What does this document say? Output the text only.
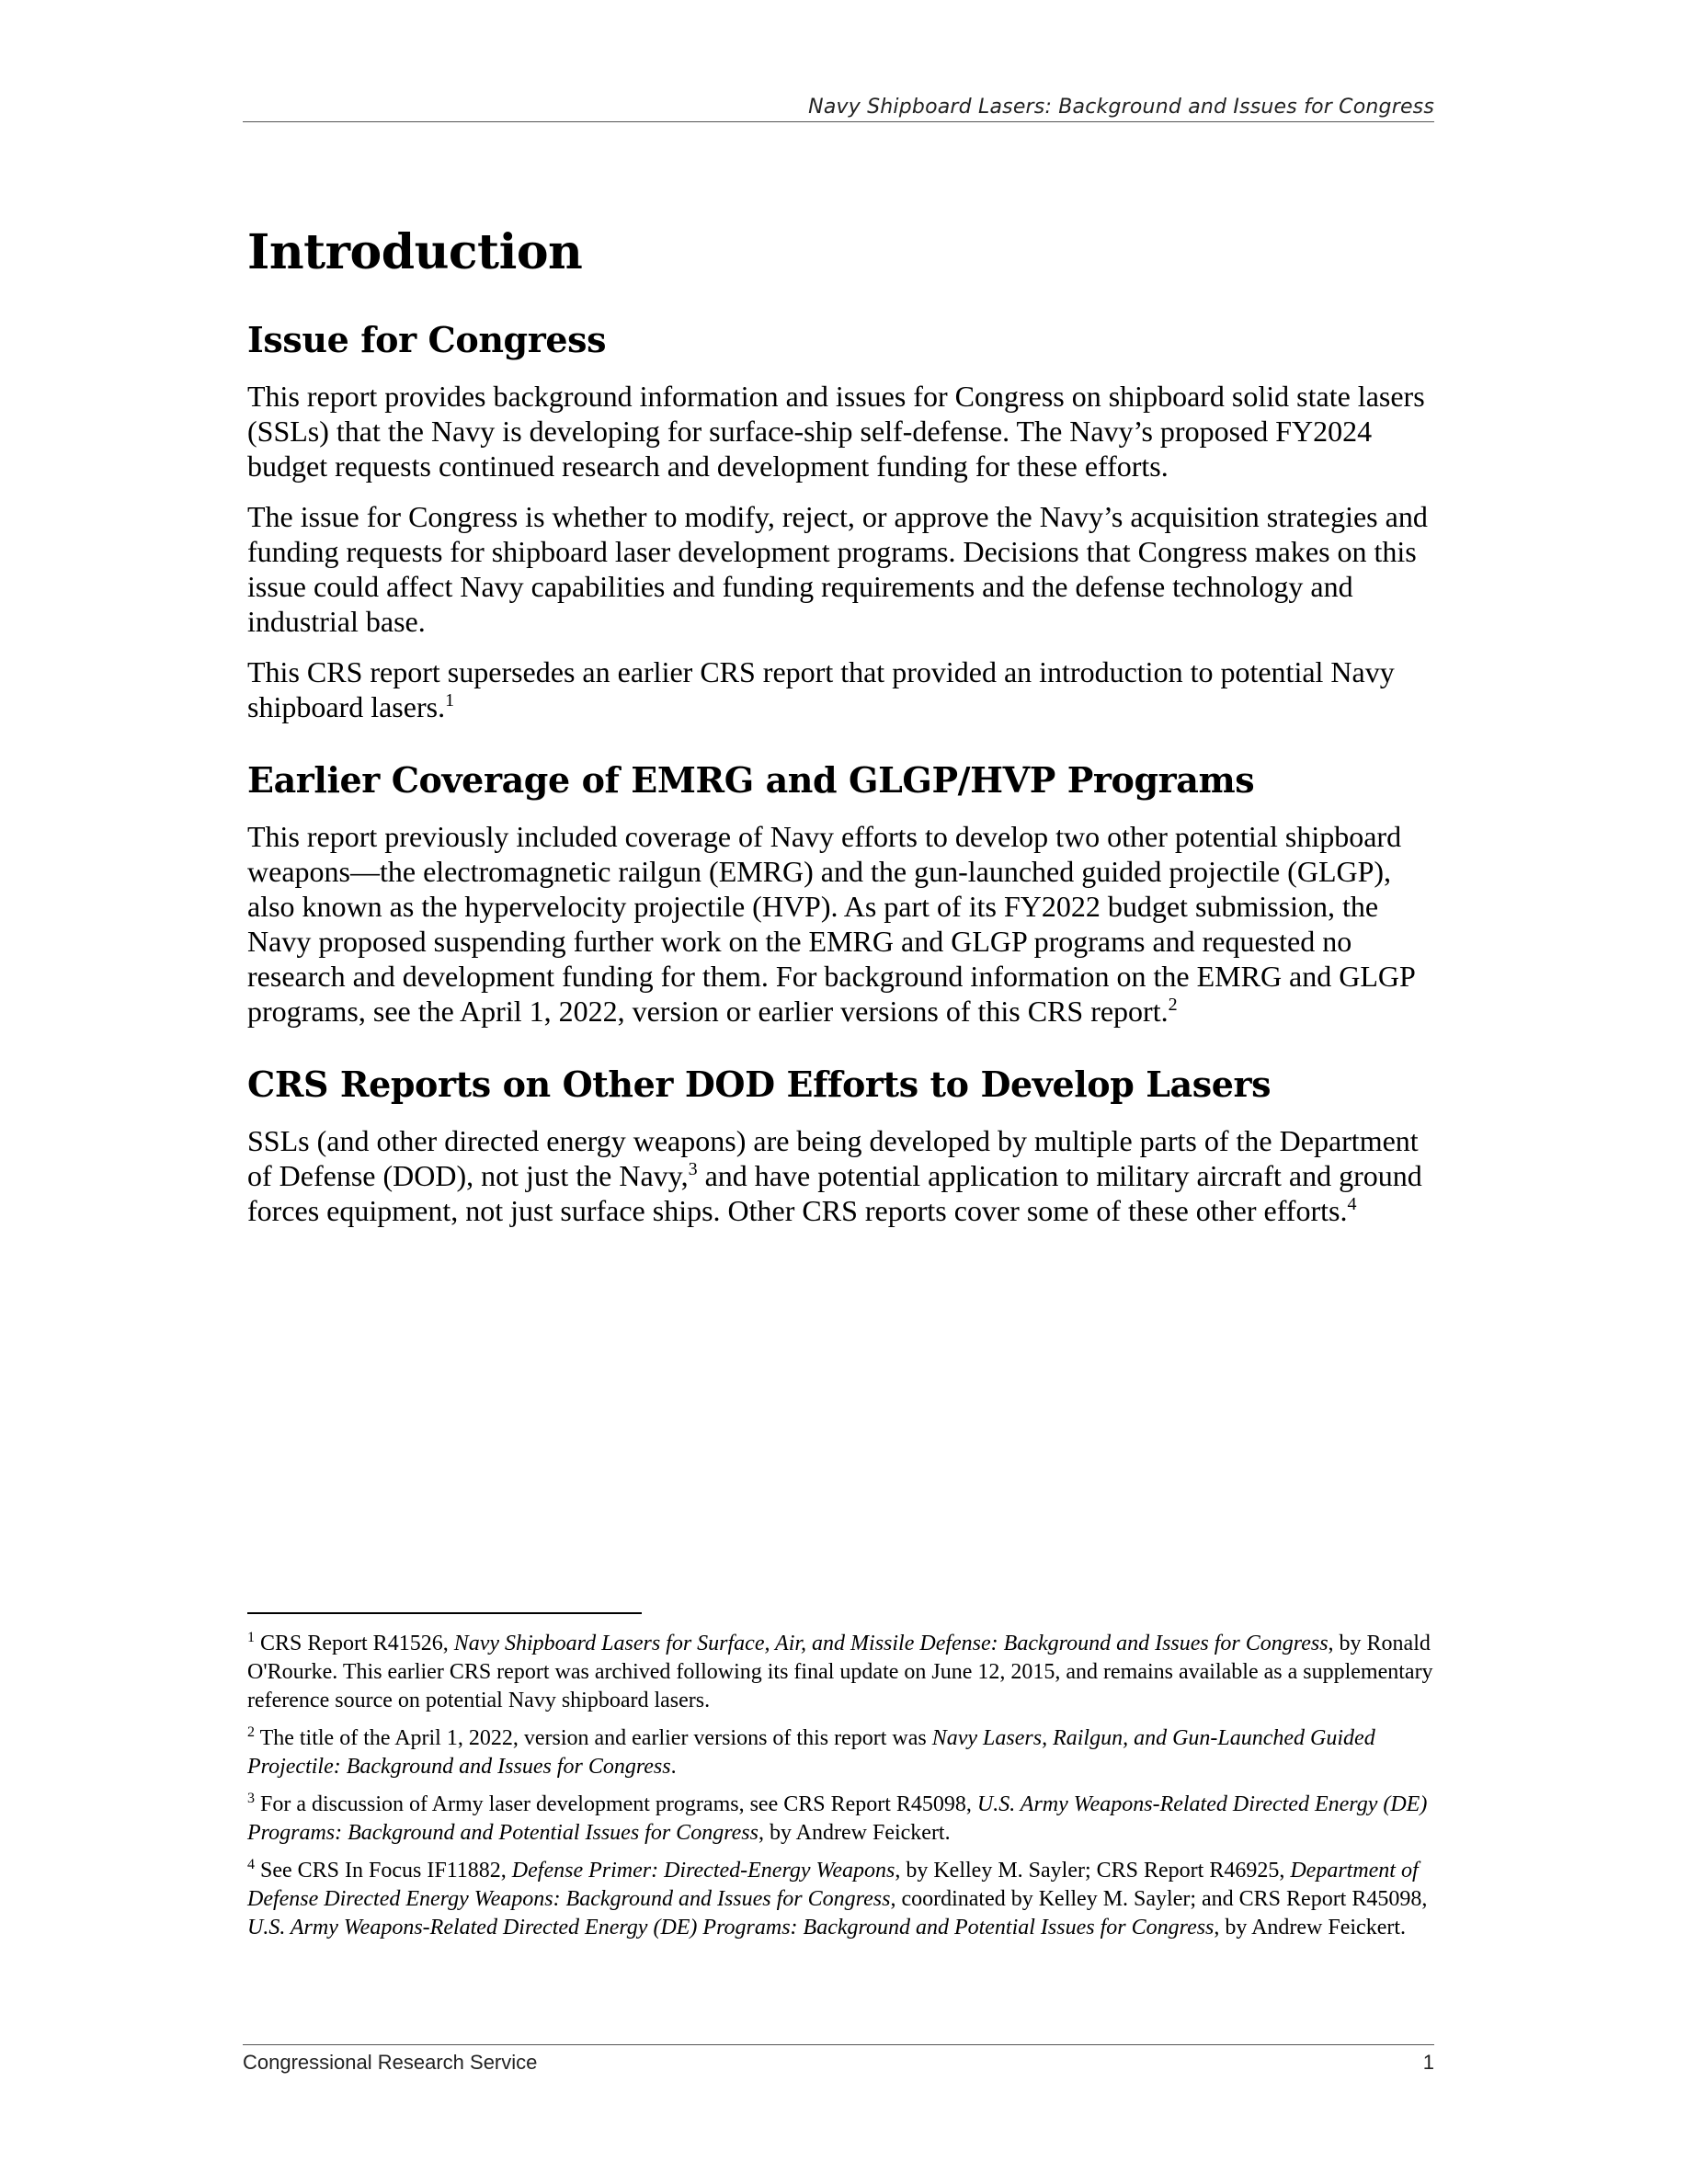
Navy Shipboard Lasers: Background and Issues for Congress
Introduction
Issue for Congress

This report provides background information and issues for Congress on shipboard solid state lasers (SSLs) that the Navy is developing for surface-ship self-defense. The Navy’s proposed FY2024 budget requests continued research and development funding for these efforts.

The issue for Congress is whether to modify, reject, or approve the Navy’s acquisition strategies and funding requests for shipboard laser development programs. Decisions that Congress makes on this issue could affect Navy capabilities and funding requirements and the defense technology and industrial base.

This CRS report supersedes an earlier CRS report that provided an introduction to potential Navy shipboard lasers.$^1$

Earlier Coverage of EMRG and GLGP/HVP Programs

This report previously included coverage of Navy efforts to develop two other potential shipboard weapons—the electromagnetic railgun (EMRG) and the gun-launched guided projectile (GLGP), also known as the hypervelocity projectile (HVP). As part of its FY2022 budget submission, the Navy proposed suspending further work on the EMRG and GLGP programs and requested no research and development funding for them. For background information on the EMRG and GLGP programs, see the April 1, 2022, version or earlier versions of this CRS report.$^2$

CRS Reports on Other DOD Efforts to Develop Lasers

SSLs (and other directed energy weapons) are being developed by multiple parts of the Department of Defense (DOD), not just the Navy,$^3$ and have potential application to military aircraft and ground forces equipment, not just surface ships. Other CRS reports cover some of these other efforts.$^4$

$^1$ CRS Report R41526, Navy Shipboard Lasers for Surface, Air, and Missile Defense: Background and Issues for Congress, by Ronald O'Rourke. This earlier CRS report was archived following its final update on June 12, 2015, and remains available as a supplementary reference source on potential Navy shipboard lasers.

$^2$ The title of the April 1, 2022, version and earlier versions of this report was Navy Lasers, Railgun, and Gun-Launched Guided Projectile: Background and Issues for Congress.

$^3$ For a discussion of Army laser development programs, see CRS Report R45098, U.S. Army Weapons-Related Directed Energy (DE) Programs: Background and Potential Issues for Congress, by Andrew Feickert.

$^4$ See CRS In Focus IF11882, Defense Primer: Directed-Energy Weapons, by Kelley M. Sayler; CRS Report R46925, Department of Defense Directed Energy Weapons: Background and Issues for Congress, coordinated by Kelley M. Sayler; and CRS Report R45098, U.S. Army Weapons-Related Directed Energy (DE) Programs: Background and Potential Issues for Congress, by Andrew Feickert.

Congressional Research Service	1
